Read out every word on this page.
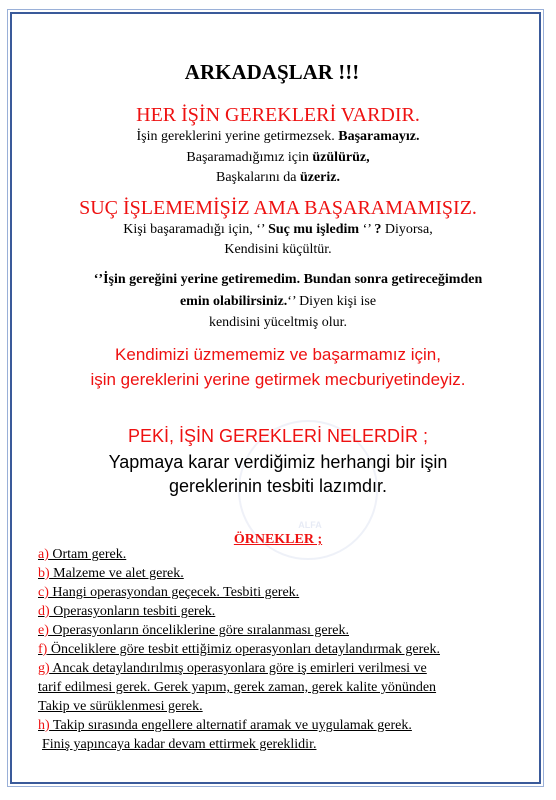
ALFA
ARKADAŞLAR !!!
HER İŞİN GEREKLERİ VARDIR.
İşin gereklerini yerine getirmezsek. Başaramayız.
Başaramadığımız için üzülürüz,
Başkalarını da üzeriz.
SUÇ İŞLEMEMİŞİZ AMA BAŞARAMAMIŞIZ.
Kişi başaramadığı için, ‘’ Suç mu işledim ‘’ ? Diyorsa,
Kendisini küçültür.
‘’İşin gereğini yerine getiremedim. Bundan sonra getireceğimden
emin olabilirsiniz.‘’ Diyen kişi ise
kendisini yüceltmiş olur.
Kendimizi üzmememiz ve başarmamız için,
işin gereklerini yerine getirmek mecburiyetindeyiz.
PEKİ, İŞİN GEREKLERİ NELERDİR ;
Yapmaya karar verdiğimiz herhangi bir işin
gereklerinin tesbiti lazımdır.
ÖRNEKLER ;
a) Ortam gerek.
b) Malzeme ve alet gerek.
c) Hangi operasyondan geçecek. Tesbiti gerek.
d) Operasyonların tesbiti gerek.
e) Operasyonların önceliklerine göre sıralanması gerek.
f) Önceliklere göre tesbit ettiğimiz operasyonları detaylandırmak gerek.
g) Ancak detaylandırılmış operasyonlara göre iş emirleri verilmesi ve
tarif edilmesi gerek. Gerek yapım, gerek zaman, gerek kalite yönünden
Takip ve sürüklenmesi gerek.
h) Takip sırasında engellere alternatif aramak ve uygulamak gerek.
Finiş yapıncaya kadar devam ettirmek gereklidir.
